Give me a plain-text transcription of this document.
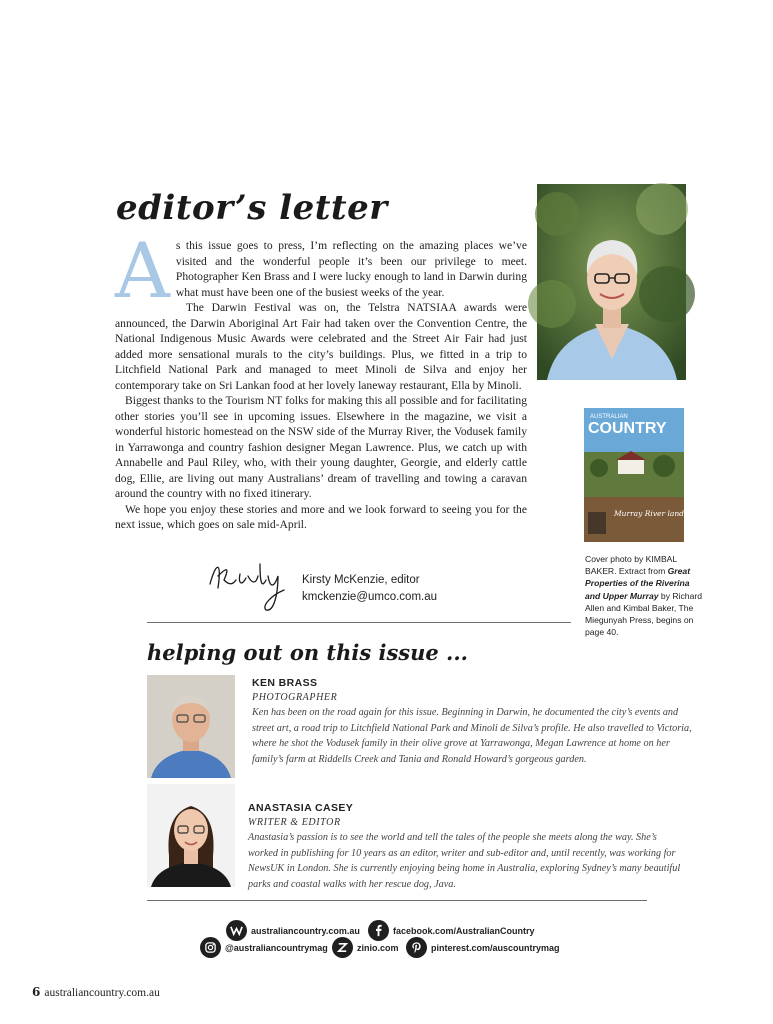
editor’s letter
A s this issue goes to press, I’m reflecting on the amazing places we’ve visited and the wonderful people it’s been our privilege to meet. Photographer Ken Brass and I were lucky enough to land in Darwin during what must have been one of the busiest weeks of the year.

The Darwin Festival was on, the Telstra NATSIAA awards were announced, the Darwin Aboriginal Art Fair had taken over the Convention Centre, the National Indigenous Music Awards were celebrated and the Street Air Fair had just added more sensational murals to the city’s buildings. Plus, we fitted in a trip to Litchfield National Park and managed to meet Minoli de Silva and enjoy her contemporary take on Sri Lankan food at her lovely laneway restaurant, Ella by Minoli.

Biggest thanks to the Tourism NT folks for making this all possible and for facilitating other stories you’ll see in upcoming issues. Elsewhere in the magazine, we visit a wonderful historic homestead on the NSW side of the Murray River, the Vodusek family in Yarrawonga and country fashion designer Megan Lawrence. Plus, we catch up with Annabelle and Paul Riley, who, with their young daughter, Georgie, and elderly cattle dog, Ellie, are living out many Australians’ dream of travelling and towing a caravan around the country with no fixed itinerary.

We hope you enjoy these stories and more and we look forward to seeing you for the next issue, which goes on sale mid-April.

AUSTRALIAN
COUNTRY
Murray River landmark
Cover photo by KIMBAL BAKER. Extract from Great Properties of the Riverina and Upper Murray by Richard Allen and Kimbal Baker, The Miegunyah Press, begins on page 40.
Kirsty McKenzie, editor
kmckenzie@umco.com.au
helping out on this issue ...
KEN BRASS
PHOTOGRAPHER
Ken has been on the road again for this issue. Beginning in Darwin, he documented the city’s events and street art, a road trip to Litchfield National Park and Minoli de Silva’s profile. He also travelled to Victoria, where he shot the Vodusek family in their olive grove at Yarrawonga, Megan Lawrence at home on her family’s farm at Riddells Creek and Tania and Ronald Howard’s gorgeous garden.
ANASTASIA CASEY
WRITER & EDITOR
Anastasia’s passion is to see the world and tell the tales of the people she meets along the way. She’s worked in publishing for 10 years as an editor, writer and sub-editor and, until recently, was working for NewsUK in London. She is currently enjoying being home in Australia, exploring Sydney’s many beautiful parks and coastal walks with her rescue dog, Java.
australiancountry.com.au	facebook.com/AustralianCountry
@australiancountrymag	zinio.com	pinterest.com/auscountrymag
6 australiancountry.com.au
